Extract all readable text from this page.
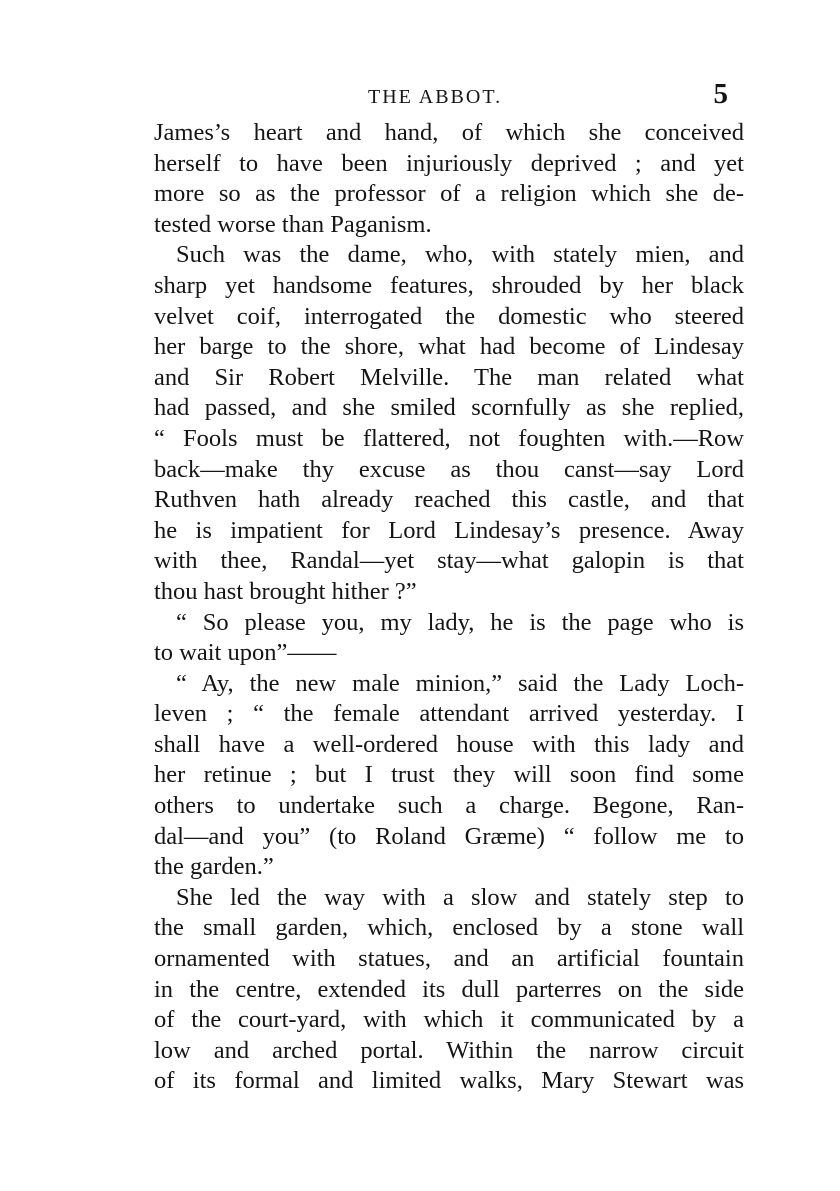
THE ABBOT.	5
James’s heart and hand, of which she conceived
herself to have been injuriously deprived ; and yet
more so as the professor of a religion which she de-
tested worse than Paganism.
Such was the dame, who, with stately mien, and
sharp yet handsome features, shrouded by her black
velvet coif, interrogated the domestic who steered
her barge to the shore, what had become of Lindesay
and Sir Robert Melville. The man related what
had passed, and she smiled scornfully as she replied,
“ Fools must be flattered, not foughten with.—Row
back—make thy excuse as thou canst—say Lord
Ruthven hath already reached this castle, and that
he is impatient for Lord Lindesay’s presence. Away
with thee, Randal—yet stay—what galopin is that
thou hast brought hither ?”
“ So please you, my lady, he is the page who is
to wait upon”——
“ Ay, the new male minion,” said the Lady Loch-
leven ; “ the female attendant arrived yesterday. I
shall have a well-ordered house with this lady and
her retinue ; but I trust they will soon find some
others to undertake such a charge. Begone, Ran-
dal—and you” (to Roland Græme) “ follow me to
the garden.”
She led the way with a slow and stately step to
the small garden, which, enclosed by a stone wall
ornamented with statues, and an artificial fountain
in the centre, extended its dull parterres on the side
of the court-yard, with which it communicated by a
low and arched portal. Within the narrow circuit
of its formal and limited walks, Mary Stewart was
